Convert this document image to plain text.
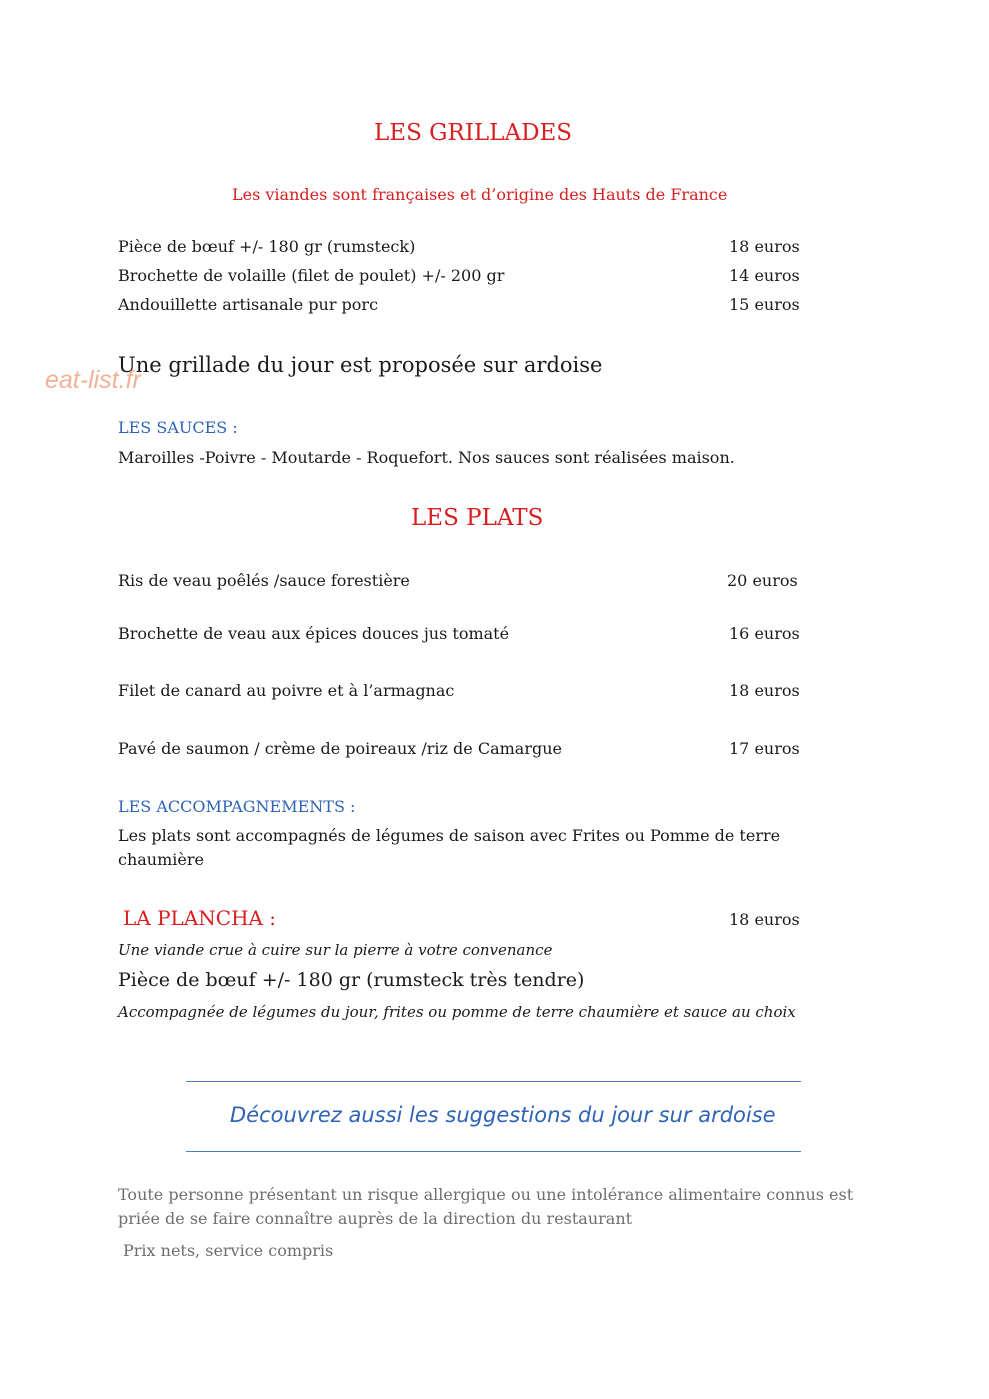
LES GRILLADES
Les viandes sont françaises et d’origine des Hauts de France
Pièce de bœuf +/- 180 gr (rumsteck)	18 euros
Brochette de volaille (filet de poulet) +/- 200 gr	14 euros
Andouillette artisanale pur porc	15 euros
Une grillade du jour est proposée sur ardoise
eat-list.fr
LES SAUCES :
Maroilles -Poivre - Moutarde - Roquefort. Nos sauces sont réalisées maison.
LES PLATS
Ris de veau poêlés /sauce forestière	20 euros
Brochette de veau aux épices douces jus tomaté	16 euros
Filet de canard au poivre et à l’armagnac	18 euros
Pavé de saumon / crème de poireaux /riz de Camargue	17 euros
LES ACCOMPAGNEMENTS :
Les plats sont accompagnés de légumes de saison avec Frites ou Pomme de terre
chaumière
LA PLANCHA :	18 euros
Une viande crue à cuire sur la pierre à votre convenance
Pièce de bœuf +/- 180 gr (rumsteck très tendre)
Accompagnée de légumes du jour, frites ou pomme de terre chaumière et sauce au choix
Découvrez aussi les suggestions du jour sur ardoise
Toute personne présentant un risque allergique ou une intolérance alimentaire connus est
priée de se faire connaître auprès de la direction du restaurant
Prix nets, service compris
